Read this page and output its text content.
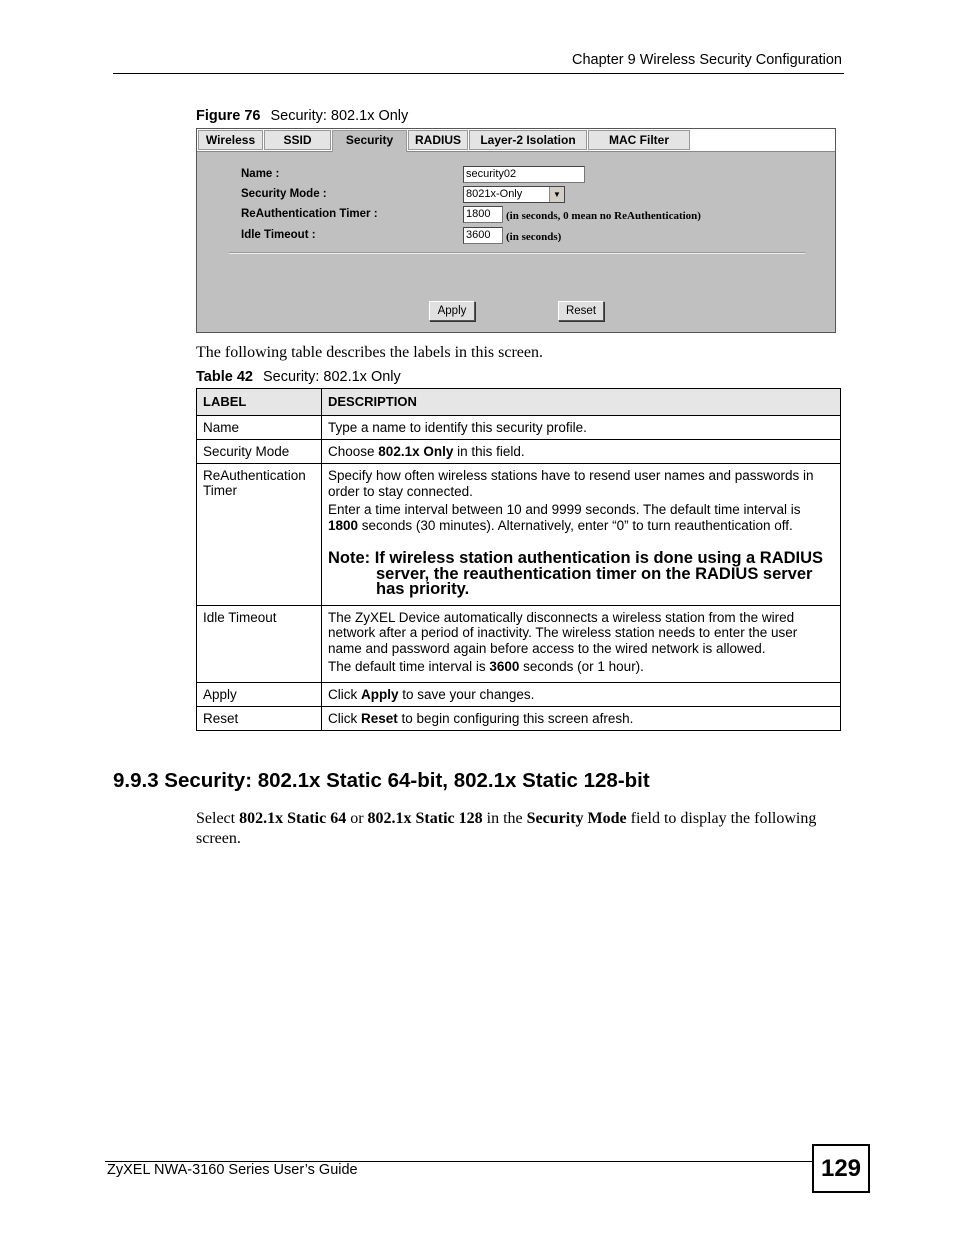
Chapter 9 Wireless Security Configuration
Figure 76 Security: 802.1x Only
Wireless	SSID	Security	RADIUS	Layer-2 Isolation	MAC Filter
Name :	security02
Security Mode :	8021x-Only	▼
ReAuthentication Timer :	1800	(in seconds, 0 mean no ReAuthentication)
Idle Timeout :	3600	(in seconds)
Apply	Reset
The following table describes the labels in this screen.
Table 42 Security: 802.1x Only
LABEL	DESCRIPTION
Name	Type a name to identify this security profile.
Security Mode	Choose 802.1x Only in this field.
ReAuthentication Timer	Specify how often wireless stations have to resend user names and passwords in order to stay connected.

Enter a time interval between 10 and 9999 seconds. The default time interval is 1800 seconds (30 minutes). Alternatively, enter “0” to turn reauthentication off.

Note: If wireless station authentication is done using a RADIUS server, the reauthentication timer on the RADIUS server has priority.

Idle Timeout	The ZyXEL Device automatically disconnects a wireless station from the wired network after a period of inactivity. The wireless station needs to enter the user name and password again before access to the wired network is allowed.

The default time interval is 3600 seconds (or 1 hour).

Apply	Click Apply to save your changes.
Reset	Click Reset to begin configuring this screen afresh.
9.9.3 Security: 802.1x Static 64-bit, 802.1x Static 128-bit
Select 802.1x Static 64 or 802.1x Static 128 in the Security Mode field to display the following screen.
ZyXEL NWA-3160 Series User’s Guide	129
